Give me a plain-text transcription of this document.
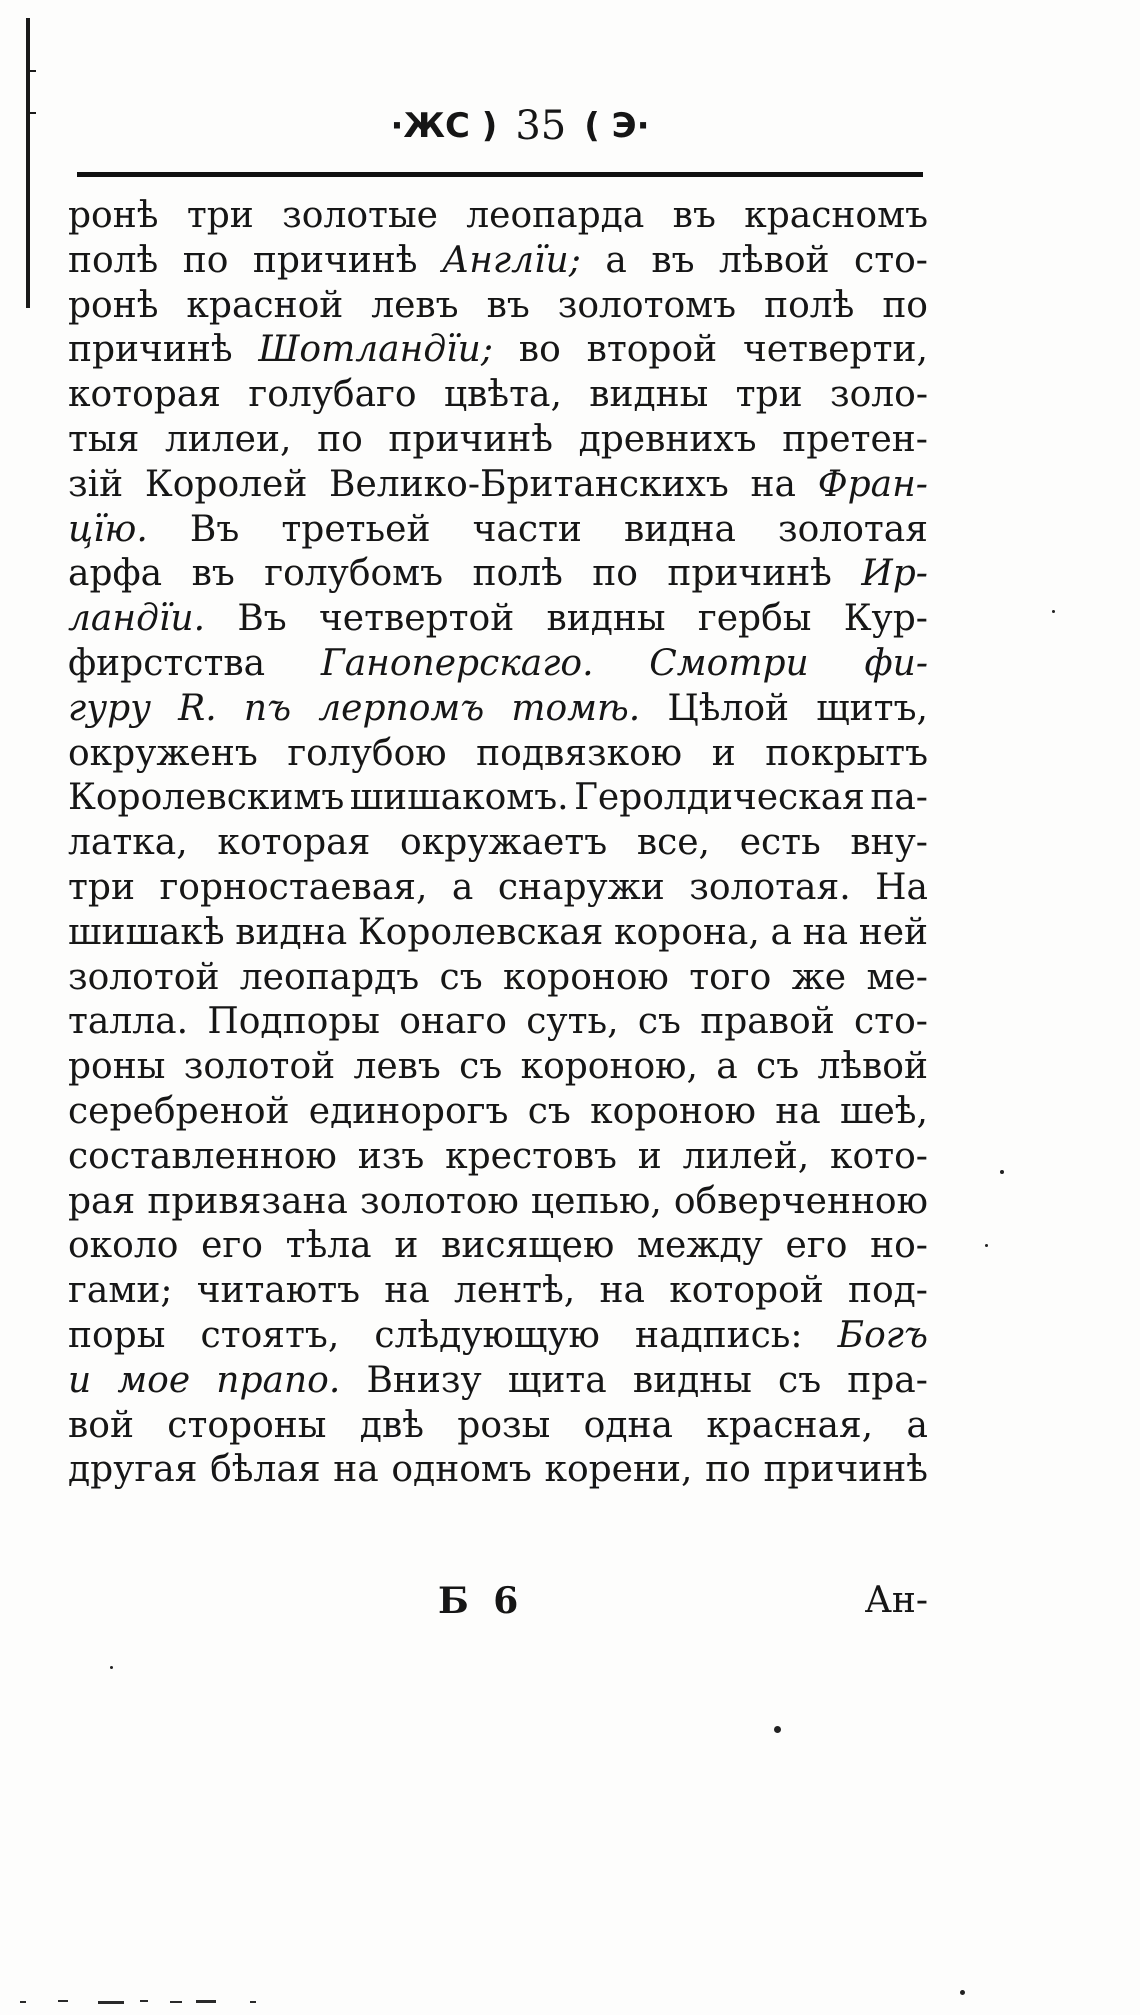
·ЖС ) 35 ( Э·
ронѣ три золотые леопарда въ красномъ
полѣ по причинѣ Англїи; а въ лѣвой сто-
ронѣ красной левъ въ золотомъ полѣ по
причинѣ Шотландїи; во второй четверти,
которая голубаго цвѣта, видны три золо-
тыя лилеи, по причинѣ древнихъ претен-
зій Королей Велико-Британскихъ на Фран-
цїю. Въ третьей части видна золотая
арфа въ голубомъ полѣ по причинѣ Ир-
ландїи. Въ четвертой видны гербы Кур-
фирстства Ганоперскаго. Смотри фи-
гуру R. пъ лерпомъ томѣ. Цѣлой щитъ,
окруженъ голубою подвязкою и покрытъ
Королевскимъ шишакомъ. Геролдическая па-
латка, которая окружаетъ все, есть вну-
три горностаевая, а снаружи золотая. На
шишакѣ видна Королевская корона, а на ней
золотой леопардъ съ короною того же ме-
талла. Подпоры онаго суть, съ правой сто-
роны золотой левъ съ короною, а съ лѣвой
серебреной единорогъ съ короною на шеѣ,
составленною изъ крестовъ и лилей, кото-
рая привязана золотою цепью, обверченною
около его тѣла и висящею между его но-
гами; читаютъ на лентѣ, на которой под-
поры стоятъ, слѣдующую надпись: Богъ
и мое прапо. Внизу щита видны съ пра-
вой стороны двѣ розы одна красная, а
другая бѣлая на одномъ корени, по причинѣ
Б 6	Ан-
